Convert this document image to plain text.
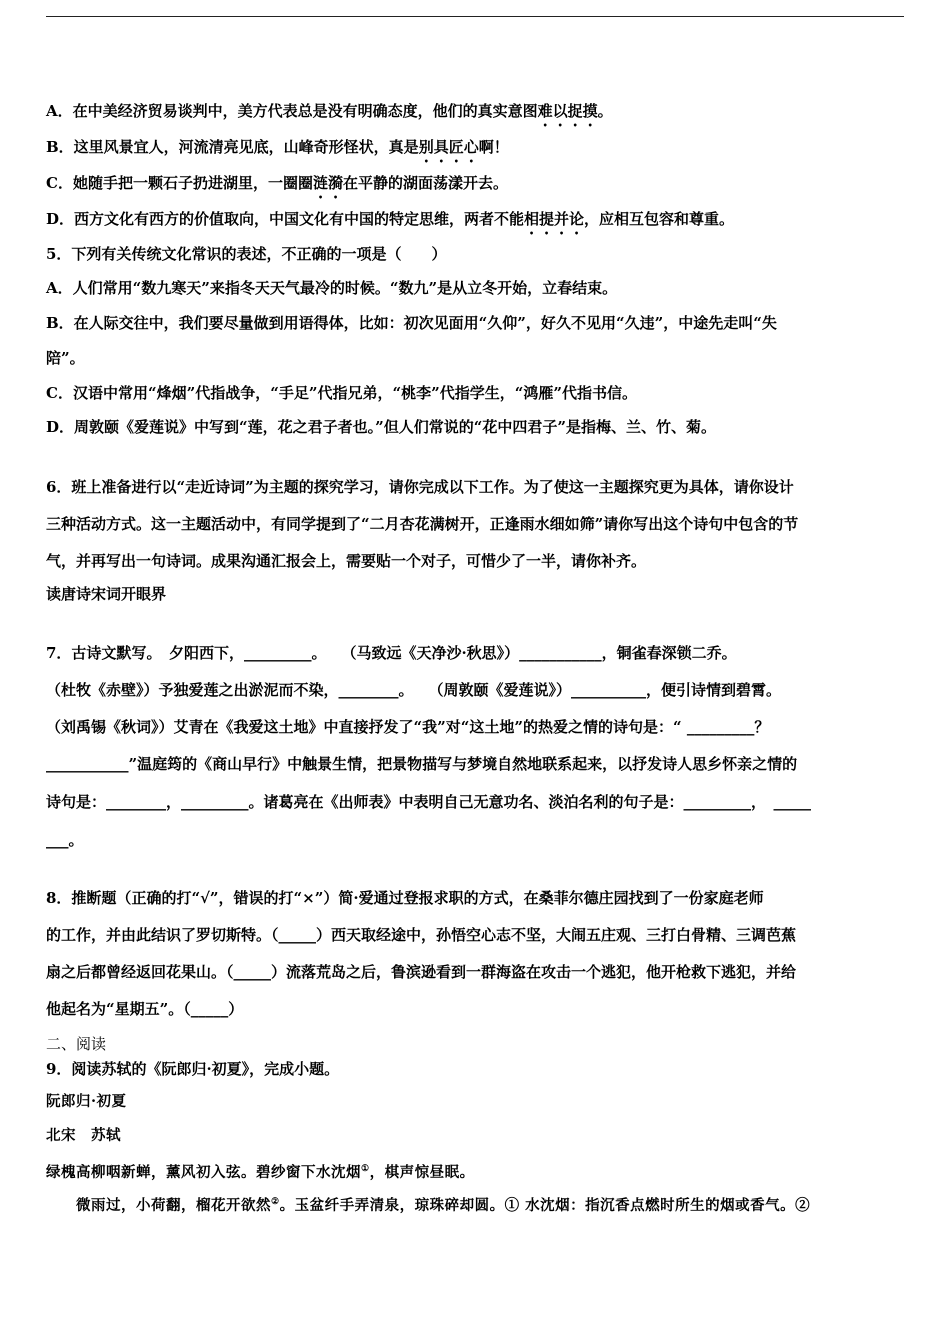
A．在中美经济贸易谈判中，美方代表总是没有明确态度，他们的真实意图难以捉摸。
B．这里风景宜人，河流清亮见底，山峰奇形怪状，真是别具匠心啊！
C．她随手把一颗石子扔进湖里，一圈圈涟漪在平静的湖面荡漾开去。
D．西方文化有西方的价值取向，中国文化有中国的特定思维，两者不能相提并论，应相互包容和尊重。
5．下列有关传统文化常识的表述，不正确的一项是（　　）
A．人们常用“数九寒天”来指冬天天气最冷的时候。“数九”是从立冬开始，立春结束。
B．在人际交往中，我们要尽量做到用语得体，比如：初次见面用“久仰”，好久不见用“久违”，中途先走叫“失
陪”。
C．汉语中常用“烽烟”代指战争，“手足”代指兄弟，“桃李”代指学生，“鸿雁”代指书信。
D．周敦颐《爱莲说》中写到“莲，花之君子者也。”但人们常说的“花中四君子”是指梅、兰、竹、菊。
6．班上准备进行以“走近诗词”为主题的探究学习，请你完成以下工作。为了使这一主题探究更为具体，请你设计
三种活动方式。这一主题活动中，有同学提到了“二月杏花满树开，正逢雨水细如筛”请你写出这个诗句中包含的节
气，并再写出一句诗词。成果沟通汇报会上，需要贴一个对子，可惜少了一半，请你补齐。
读唐诗宋词开眼界
7．古诗文默写。　夕阳西下，_________。　　（马致远《天净沙·秋思》）___________，铜雀春深锁二乔。
（杜牧《赤壁》）予独爱莲之出淤泥而不染，________。　　（周敦颐《爱莲说》）__________，便引诗情到碧霄。
（刘禹锡《秋词》）艾青在《我爱这土地》中直接抒发了“我”对“这土地”的热爱之情的诗句是：“ _________？
___________”温庭筠的《商山早行》中触景生情，把景物描写与梦境自然地联系起来，以抒发诗人思乡怀亲之情的
诗句是：________，_________。诸葛亮在《出师表》中表明自己无意功名、淡泊名利的句子是：_________，　_____
___。
8．推断题（正确的打“√”，错误的打“×”）简·爱通过登报求职的方式，在桑菲尔德庄园找到了一份家庭老师
的工作，并由此结识了罗切斯特。（_____）西天取经途中，孙悟空心志不坚，大闹五庄观、三打白骨精、三调芭蕉
扇之后都曾经返回花果山。（_____）流落荒岛之后，鲁滨逊看到一群海盗在攻击一个逃犯，他开枪救下逃犯，并给
他起名为“星期五”。（_____）
二、阅读
9．阅读苏轼的《阮郎归·初夏》，完成小题。
阮郎归·初夏
北宋　苏轼
绿槐高柳咽新蝉，薰风初入弦。碧纱窗下水沈烟①，棋声惊昼眠。
　　微雨过，小荷翻，榴花开欲然②。玉盆纤手弄清泉，琼珠碎却圆。① 水沈烟：指沉香点燃时所生的烟或香气。②
